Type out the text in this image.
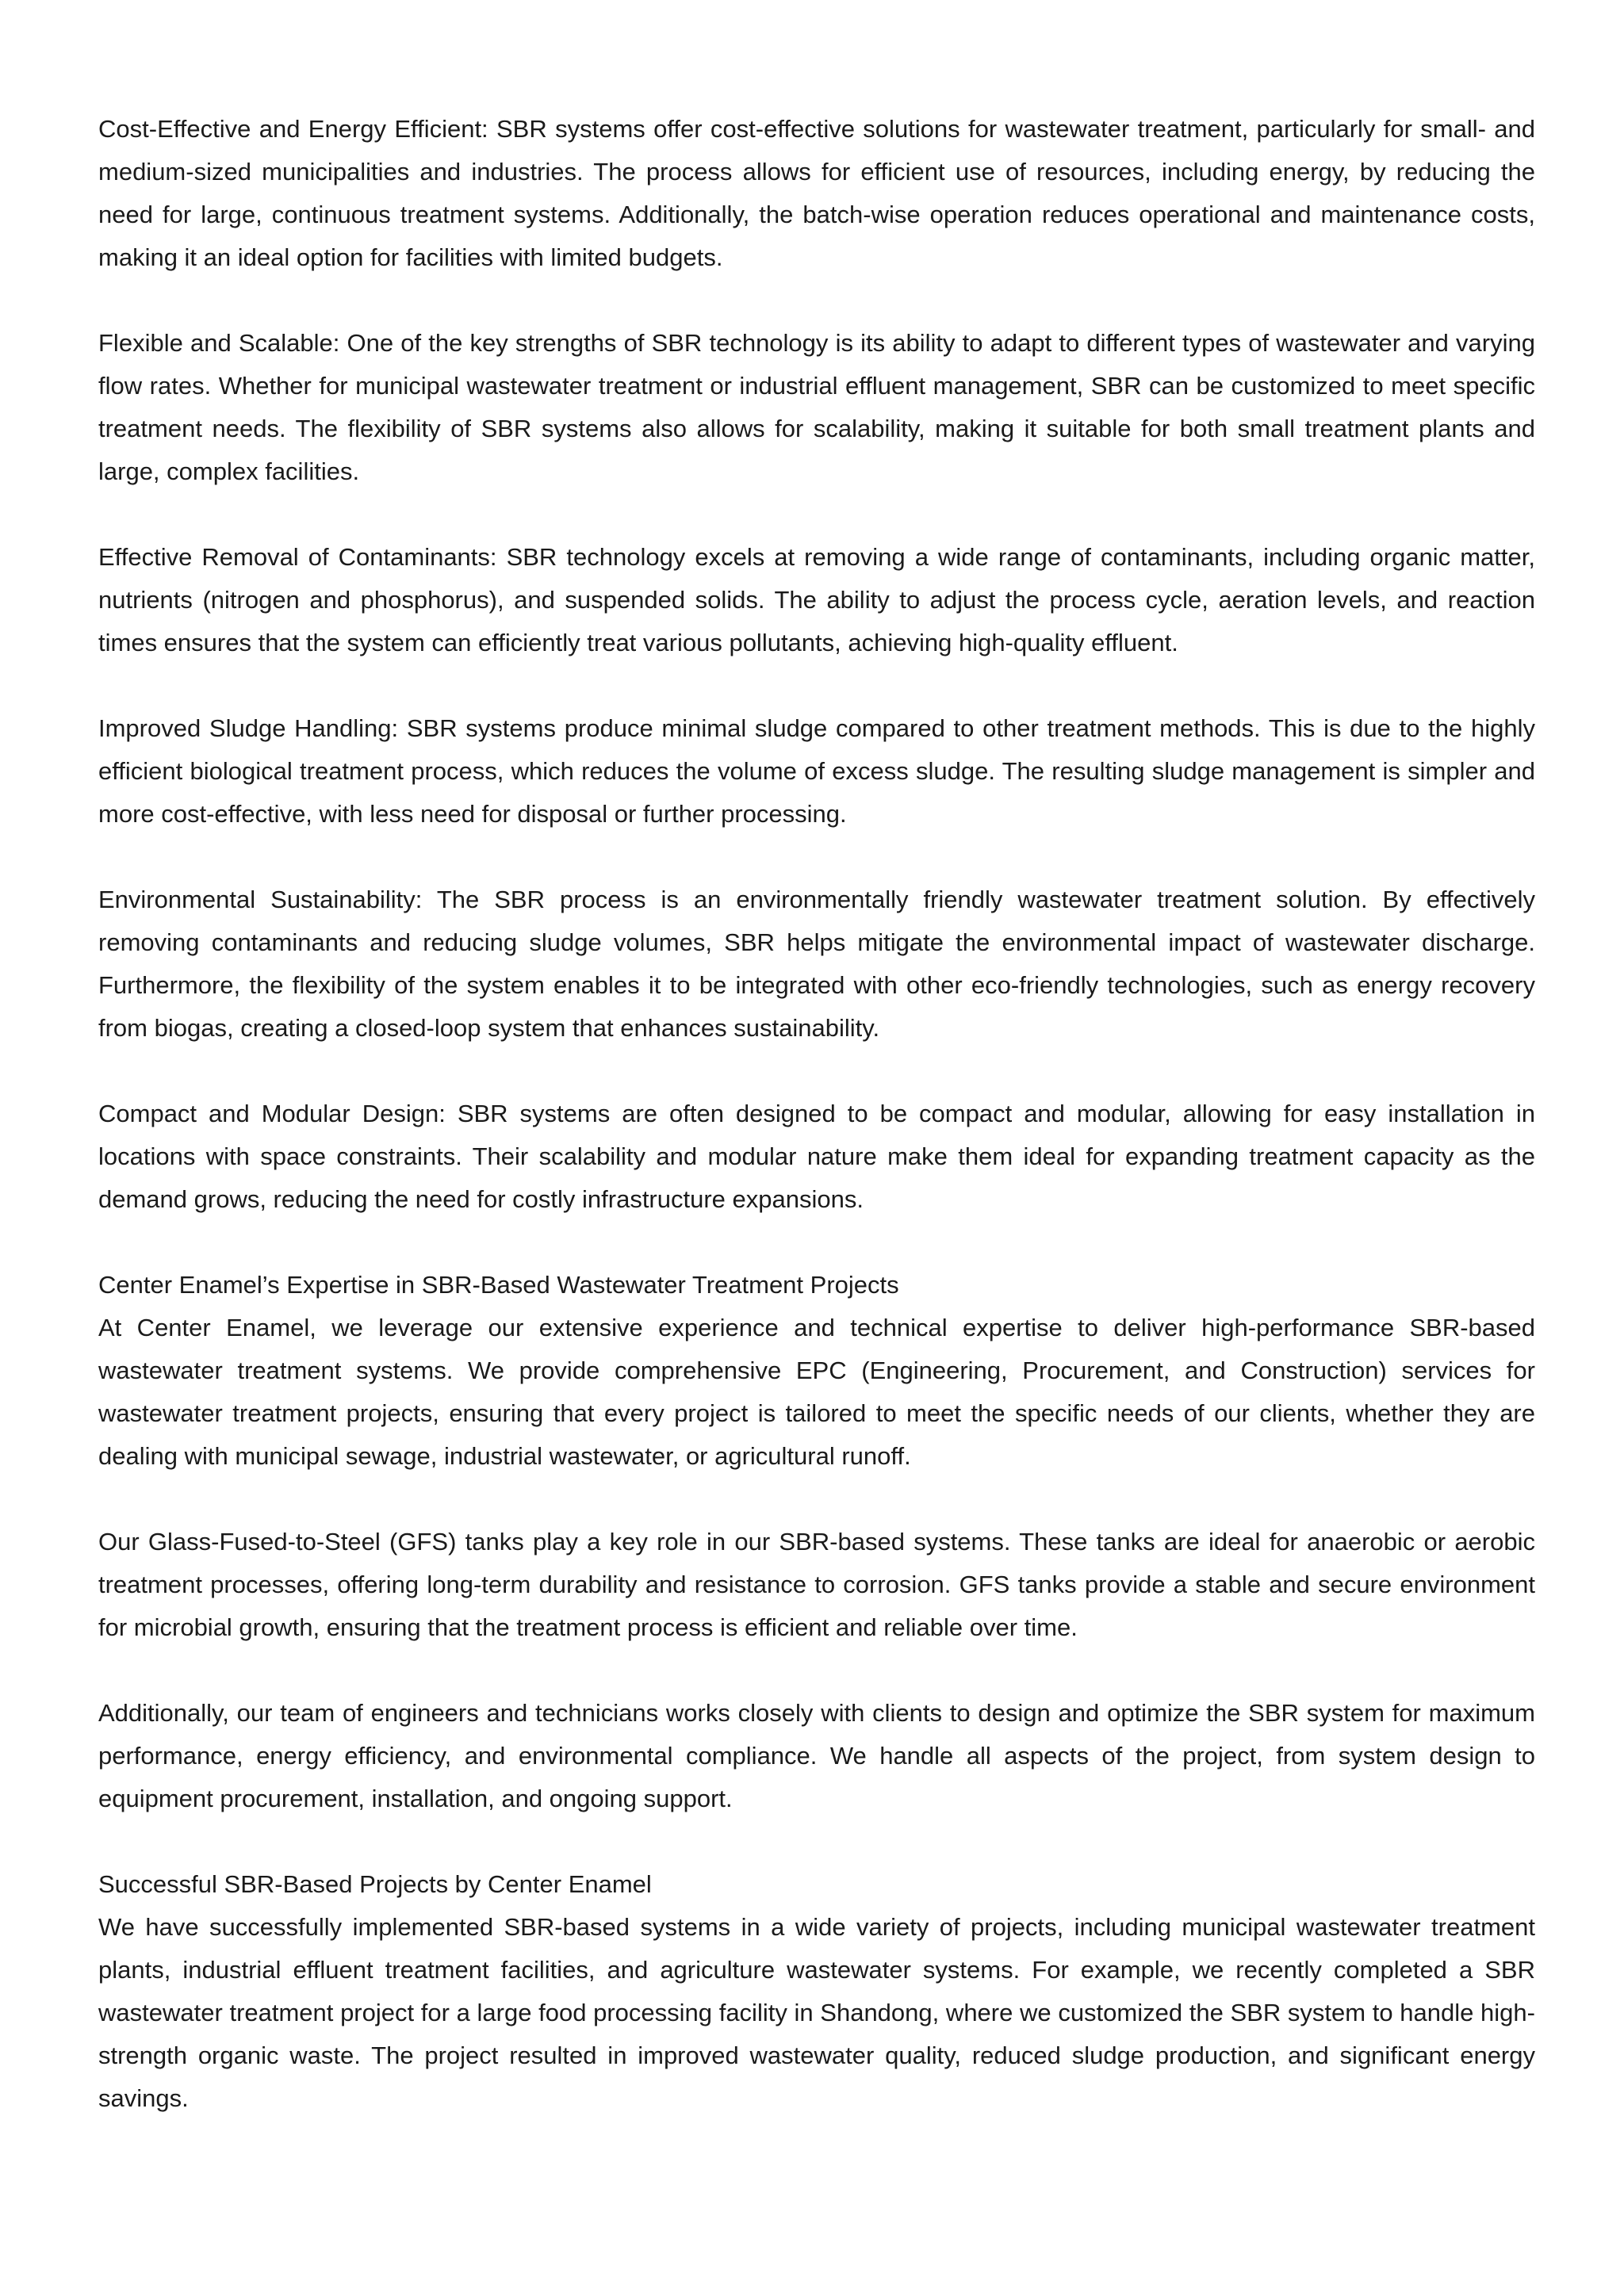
Cost-Effective and Energy Efficient: SBR systems offer cost-effective solutions for wastewater treatment, particularly for small- and medium-sized municipalities and industries. The process allows for efficient use of resources, including energy, by reducing the need for large, continuous treatment systems. Additionally, the batch-wise operation reduces operational and maintenance costs, making it an ideal option for facilities with limited budgets.

Flexible and Scalable: One of the key strengths of SBR technology is its ability to adapt to different types of wastewater and varying flow rates. Whether for municipal wastewater treatment or industrial effluent management, SBR can be customized to meet specific treatment needs. The flexibility of SBR systems also allows for scalability, making it suitable for both small treatment plants and large, complex facilities.

Effective Removal of Contaminants: SBR technology excels at removing a wide range of contaminants, including organic matter, nutrients (nitrogen and phosphorus), and suspended solids. The ability to adjust the process cycle, aeration levels, and reaction times ensures that the system can efficiently treat various pollutants, achieving high-quality effluent.

Improved Sludge Handling: SBR systems produce minimal sludge compared to other treatment methods. This is due to the highly efficient biological treatment process, which reduces the volume of excess sludge. The resulting sludge management is simpler and more cost-effective, with less need for disposal or further processing.

Environmental Sustainability: The SBR process is an environmentally friendly wastewater treatment solution. By effectively removing contaminants and reducing sludge volumes, SBR helps mitigate the environmental impact of wastewater discharge. Furthermore, the flexibility of the system enables it to be integrated with other eco-friendly technologies, such as energy recovery from biogas, creating a closed-loop system that enhances sustainability.

Compact and Modular Design: SBR systems are often designed to be compact and modular, allowing for easy installation in locations with space constraints. Their scalability and modular nature make them ideal for expanding treatment capacity as the demand grows, reducing the need for costly infrastructure expansions.

Center Enamel’s Expertise in SBR-Based Wastewater Treatment Projects

At Center Enamel, we leverage our extensive experience and technical expertise to deliver high-performance SBR-based wastewater treatment systems. We provide comprehensive EPC (Engineering, Procurement, and Construction) services for wastewater treatment projects, ensuring that every project is tailored to meet the specific needs of our clients, whether they are dealing with municipal sewage, industrial wastewater, or agricultural runoff.

Our Glass-Fused-to-Steel (GFS) tanks play a key role in our SBR-based systems. These tanks are ideal for anaerobic or aerobic treatment processes, offering long-term durability and resistance to corrosion. GFS tanks provide a stable and secure environment for microbial growth, ensuring that the treatment process is efficient and reliable over time.

Additionally, our team of engineers and technicians works closely with clients to design and optimize the SBR system for maximum performance, energy efficiency, and environmental compliance. We handle all aspects of the project, from system design to equipment procurement, installation, and ongoing support.

Successful SBR-Based Projects by Center Enamel

We have successfully implemented SBR-based systems in a wide variety of projects, including municipal wastewater treatment plants, industrial effluent treatment facilities, and agriculture wastewater systems. For example, we recently completed a SBR wastewater treatment project for a large food processing facility in Shandong, where we customized the SBR system to handle high-strength organic waste. The project resulted in improved wastewater quality, reduced sludge production, and significant energy savings.
